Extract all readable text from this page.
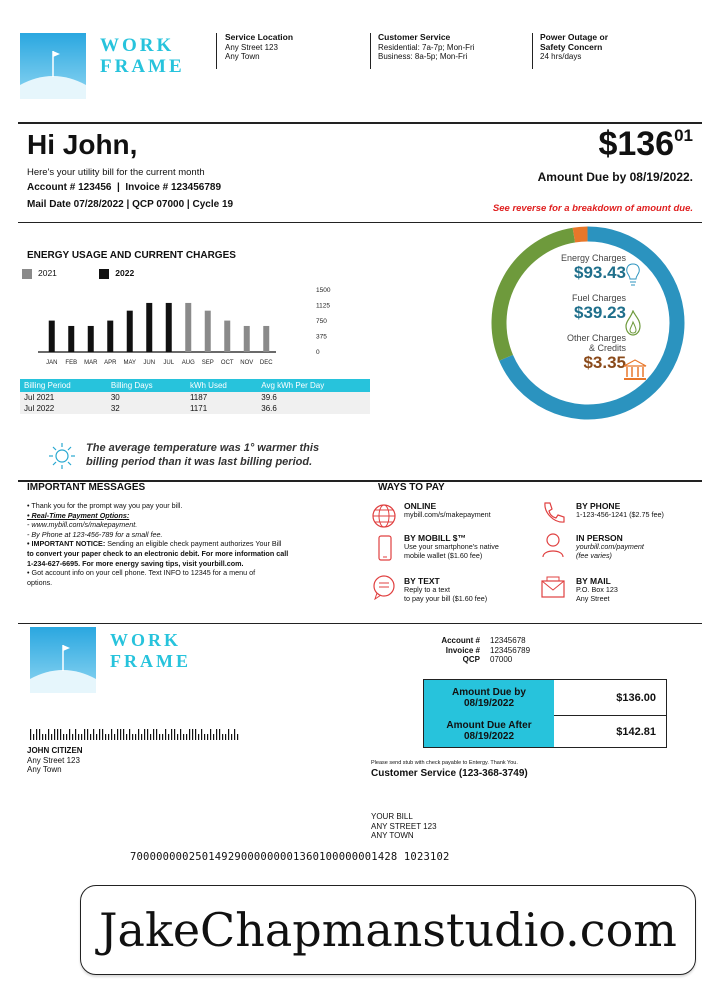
WORK
FRAME
Service Location
Any Street 123
Any Town
Customer Service
Residential: 7a-7p; Mon-Fri
Business: 8a-5p; Mon-Fri
Power Outage or
Safety Concern
24 hrs/days
Hi John,
Here's your utility bill for the current month
Account # 123456  |  Invoice # 123456789
Mail Date 07/28/2022 | QCP 07000 | Cycle 19
$\$136^{01}$
Amount Due by 08/19/2022.
See reverse for a breakdown of amount due.
ENERGY USAGE AND CURRENT CHARGES
2021	2022
JAN FEB MAR APR MAY JUN JUL AUG SEP OCT NOV DEC
1500
1125
750
375
0
Billing Period	Billing Days	kWh Used	Avg kWh Per Day
Jul 2021	30	1187	39.6
Jul 2022	32	1171	36.6
Energy Charges
$93.43
Fuel Charges
$39.23
Other Charges
& Credits
$3.35
The average temperature was 1° warmer this
billing period than it was last billing period.
IMPORTANT MESSAGES
• Thank you for the prompt way you pay your bill.
• Real-Time Payment Options:
- www.mybill.com/s/makepayment.
- By Phone at 123-456-789 for a small fee.
• IMPORTANT NOTICE: Sending an eligible check payment authorizes Your Bill
to convert your paper check to an electronic debit. For more information call
1-234-627-6695. For more energy saving tips, visit yourbill.com.
• Got account info on your cell phone. Text INFO to 12345 for a menu of
options.
WAYS TO PAY
ONLINE
mybill.com/s/makepayment
BY MOBILL $™
Use your smartphone's native
mobile wallet ($1.60 fee)
BY TEXT
Reply to a text
to pay your bill ($1.60 fee)
BY PHONE
1-123-456-1241 ($2.75 fee)
IN PERSON
yourbill.com/payment
(fee varies)
BY MAIL
P.O. Box 123
Any Street
WORK
FRAME
Account # 12345678
Invoice # 123456789
QCP 07000
Amount Due by
08/19/2022	$136.00

Amount Due After
08/19/2022	$142.81
JOHN CITIZEN
Any Street 123
Any Town
Please send stub with check payable to Entergy. Thank You.
Customer Service (123-368-3749)
YOUR BILL
ANY STREET 123
ANY TOWN
70000000025014929000000001360100000001428 1023102
JakeChapmanstudio.com
